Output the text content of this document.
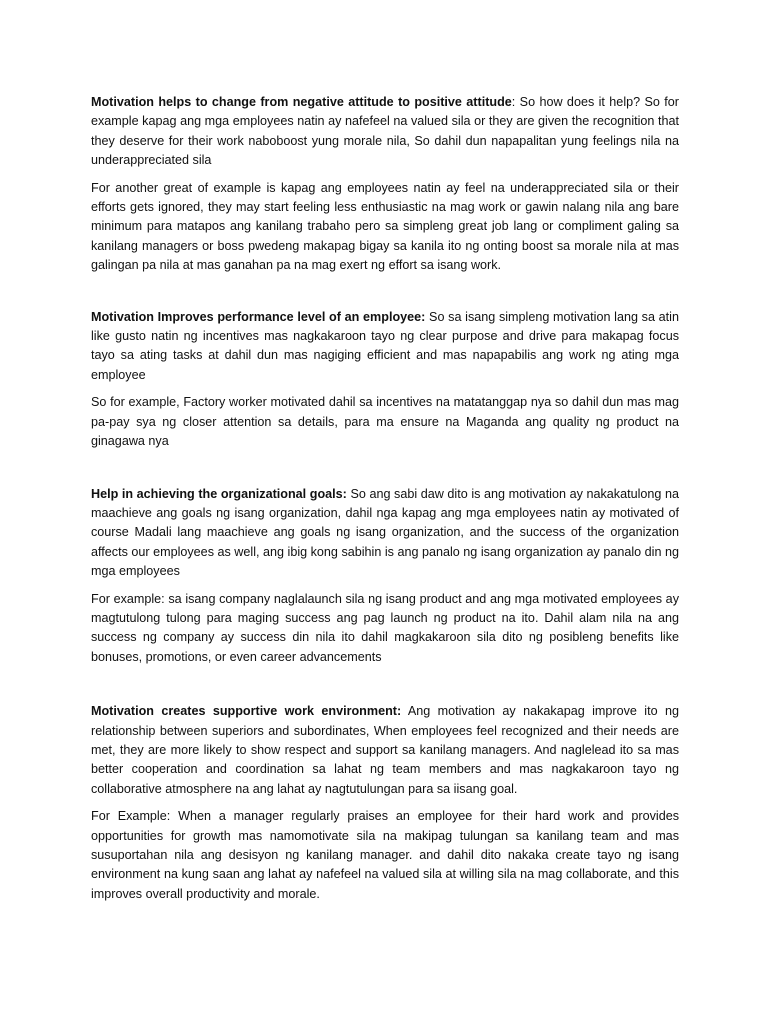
Motivation helps to change from negative attitude to positive attitude: So how does it help? So for example kapag ang mga employees natin ay nafefeel na valued sila or they are given the recognition that they deserve for their work naboboost yung morale nila, So dahil dun napapalitan yung feelings nila na underappreciated sila

For another great of example is kapag ang employees natin ay feel na underappreciated sila or their efforts gets ignored, they may start feeling less enthusiastic na mag work or gawin nalang nila ang bare minimum para matapos ang kanilang trabaho pero sa simpleng great job lang or compliment galing sa kanilang managers or boss pwedeng makapag bigay sa kanila ito ng onting boost sa morale nila at mas galingan pa nila at mas ganahan pa na mag exert ng effort sa isang work.

Motivation Improves performance level of an employee: So sa isang simpleng motivation lang sa atin like gusto natin ng incentives mas nagkakaroon tayo ng clear purpose and drive para makapag focus tayo sa ating tasks at dahil dun mas nagiging efficient and mas napapabilis ang work ng ating mga employee

So for example, Factory worker motivated dahil sa incentives na matatanggap nya so dahil dun mas mag pa-pay sya ng closer attention sa details, para ma ensure na Maganda ang quality ng product na ginagawa nya

Help in achieving the organizational goals: So ang sabi daw dito is ang motivation ay nakakatulong na maachieve ang goals ng isang organization, dahil nga kapag ang mga employees natin ay motivated of course Madali lang maachieve ang goals ng isang organization, and the success of the organization affects our employees as well, ang ibig kong sabihin is ang panalo ng isang organization ay panalo din ng mga employees

For example: sa isang company naglalaunch sila ng isang product and ang mga motivated employees ay magtutulong tulong para maging success ang pag launch ng product na ito. Dahil alam nila na ang success ng company ay success din nila ito dahil magkakaroon sila dito ng posibleng benefits like bonuses, promotions, or even career advancements

Motivation creates supportive work environment: Ang motivation ay nakakapag improve ito ng relationship between superiors and subordinates, When employees feel recognized and their needs are met, they are more likely to show respect and support sa kanilang managers. And naglelead ito sa mas better cooperation and coordination sa lahat ng team members and mas nagkakaroon tayo ng collaborative atmosphere na ang lahat ay nagtutulungan para sa iisang goal.

For Example: When a manager regularly praises an employee for their hard work and provides opportunities for growth mas namomotivate sila na makipag tulungan sa kanilang team and mas susuportahan nila ang desisyon ng kanilang manager. and dahil dito nakaka create tayo ng isang environment na kung saan ang lahat ay nafefeel na valued sila at willing sila na mag collaborate, and this improves overall productivity and morale.
